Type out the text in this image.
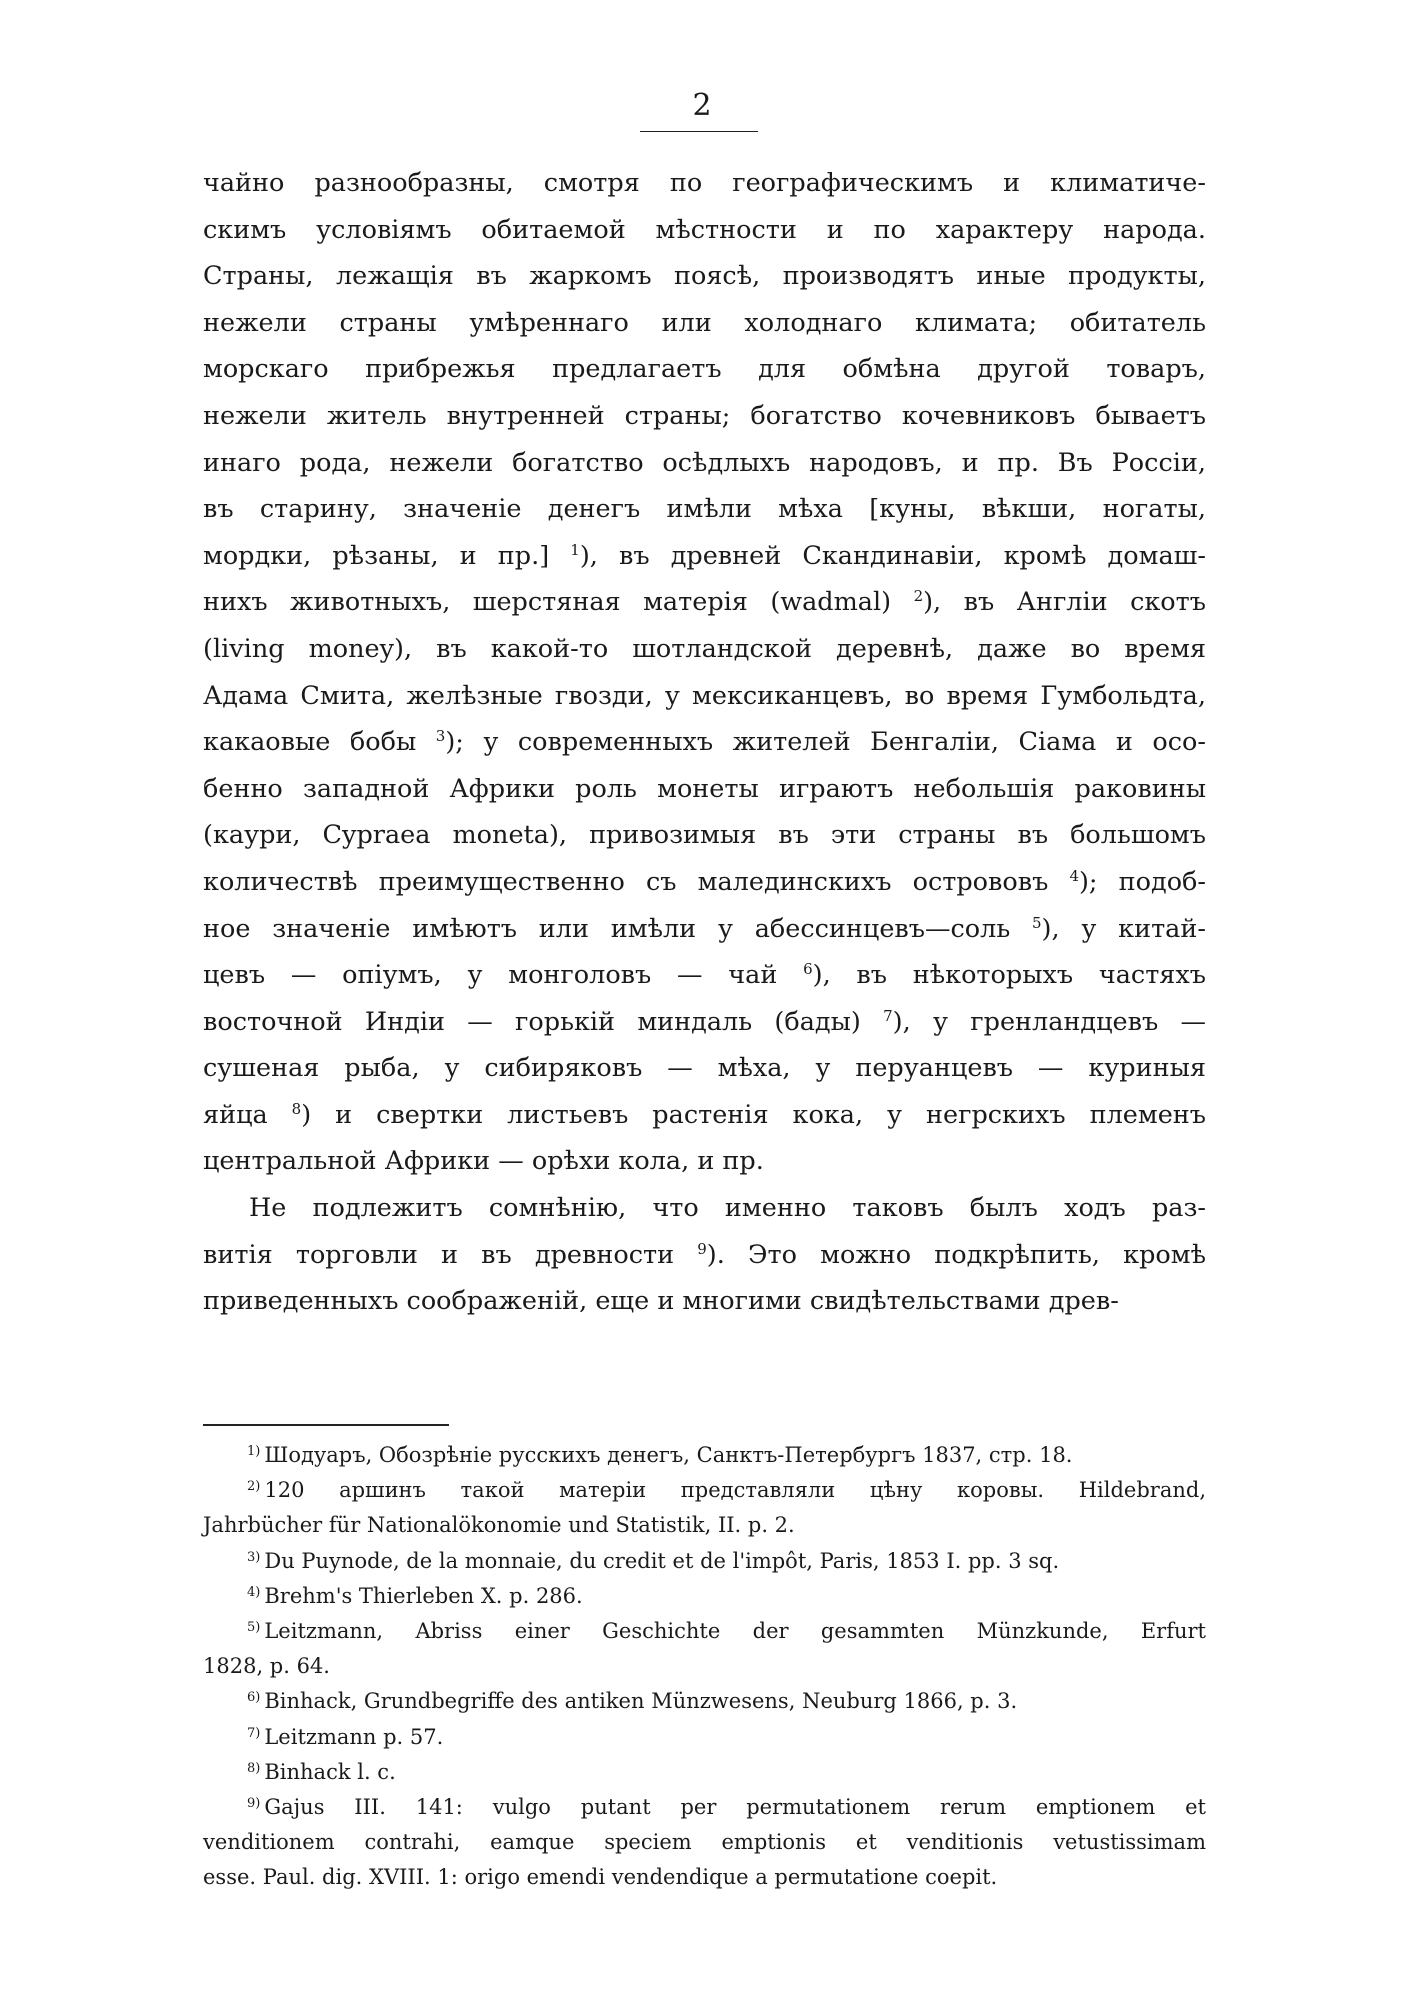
2

чайно разнообразны, смотря по географическимъ и климатиче-
скимъ условіямъ обитаемой мѣстности и по характеру народа.
Страны, лежащія въ жаркомъ поясѣ, производятъ иные продукты,
нежели страны умѣреннаго или холоднаго климата; обитатель
морскаго прибрежья предлагаетъ для обмѣна другой товаръ,
нежели житель внутренней страны; богатство кочевниковъ бываетъ
инаго рода, нежели богатство осѣдлыхъ народовъ, и пр. Въ Россіи,
въ старину, значеніе денегъ имѣли мѣха [куны, вѣкши, ногаты,
мордки, рѣзаны, и пр.] $^1$), въ древней Скандинавіи, кромѣ домаш-
нихъ животныхъ, шерстяная матерія (wadmal) $^2$), въ Англіи скотъ
(living money), въ какой-то шотландской деревнѣ, даже во время
Адама Смита, желѣзные гвозди, у мексиканцевъ, во время Гумбольдта,
какаовые бобы $^3$); у современныхъ жителей Бенгаліи, Сіама и осо-
бенно западной Африки роль монеты играютъ небольшія раковины
(каури, Cypraea moneta), привозимыя въ эти страны въ большомъ
количествѣ преимущественно съ малединскихъ острововъ $^4$); подоб-
ное значеніе имѣютъ или имѣли у абессинцевъ—соль $^5$), у китай-
цевъ — опіумъ, у монголовъ — чай $^6$), въ нѣкоторыхъ частяхъ
восточной Индіи — горькій миндаль (бады) $^7$), у гренландцевъ —
сушеная рыба, у сибиряковъ — мѣха, у перуанцевъ — куриныя
яйца $^8$) и свертки листьевъ растенія кока, у негрскихъ племенъ
центральной Африки — орѣхи кола, и пр.

Не подлежитъ сомнѣнію, что именно таковъ былъ ходъ раз-
витія торговли и въ древности $^9$). Это можно подкрѣпить, кромѣ
приведенныхъ соображеній, еще и многими свидѣтельствами древ-

$^{1)}$ Шодуаръ, Обозрѣніе русскихъ денегъ, Санктъ-Петербургъ 1837, стр. 18.
$^{2)}$ 120 аршинъ такой матеріи представляли цѣну коровы. Hildebrand,
Jahrbücher für Nationalökonomie und Statistik, II. p. 2.
$^{3)}$ Du Puynode, de la monnaie, du credit et de l'impôt, Paris, 1853 I. pp. 3 sq.
$^{4)}$ Brehm's Thierleben X. p. 286.
$^{5)}$ Leitzmann, Abriss einer Geschichte der gesammten Münzkunde, Erfurt
1828, p. 64.
$^{6)}$ Binhack, Grundbegriffe des antiken Münzwesens, Neuburg 1866, p. 3.
$^{7)}$ Leitzmann p. 57.
$^{8)}$ Binhack l. c.
$^{9)}$ Gajus III. 141: vulgo putant per permutationem rerum emptionem et
venditionem contrahi, eamque speciem emptionis et venditionis vetustissimam
esse. Paul. dig. XVIII. 1: origo emendi vendendique a permutatione coepit.
